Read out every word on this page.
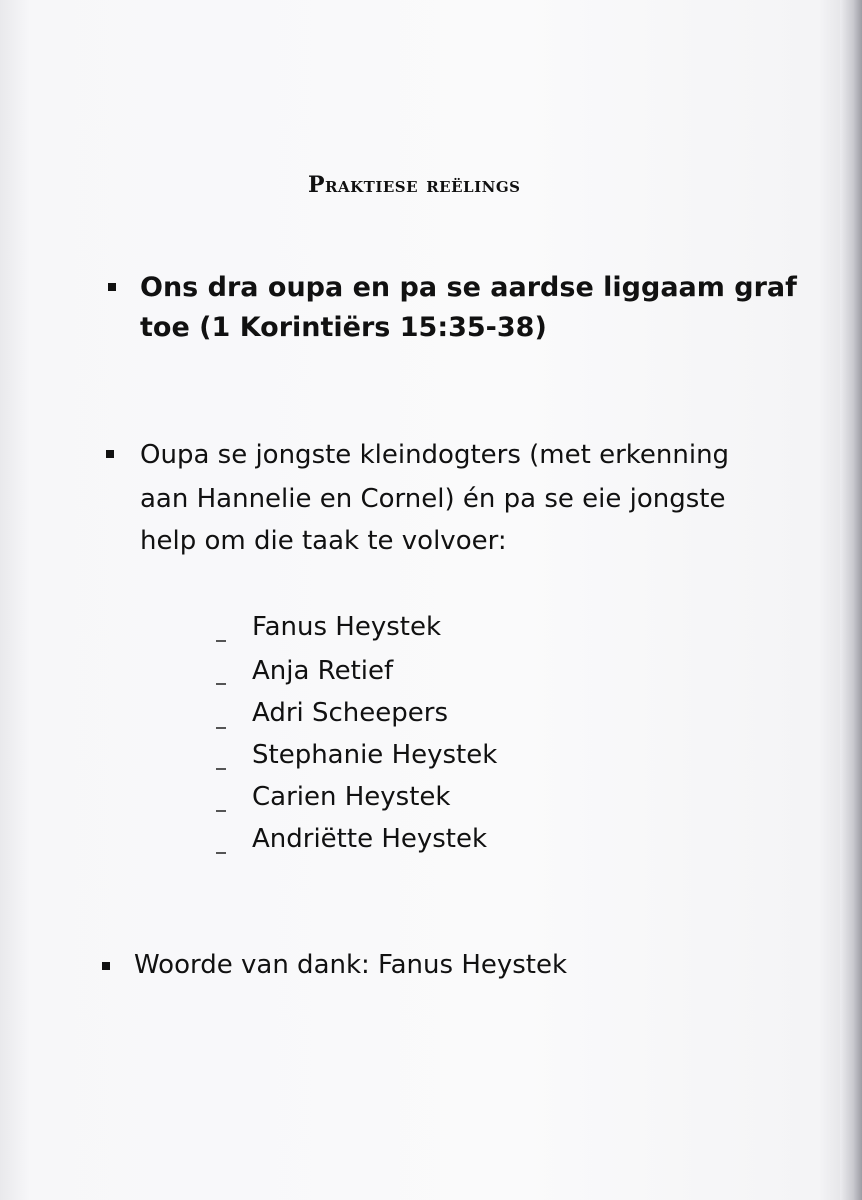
Praktiese reëlings
Ons dra oupa en pa se aardse liggaam graf
toe (1 Korintiërs 15:35-38)
Oupa se jongste kleindogters (met erkenning
aan Hannelie en Cornel) én pa se eie jongste
help om die taak te volvoer:
Fanus Heystek
Anja Retief
Adri Scheepers
Stephanie Heystek
Carien Heystek
Andriëtte Heystek
Woorde van dank: Fanus Heystek
